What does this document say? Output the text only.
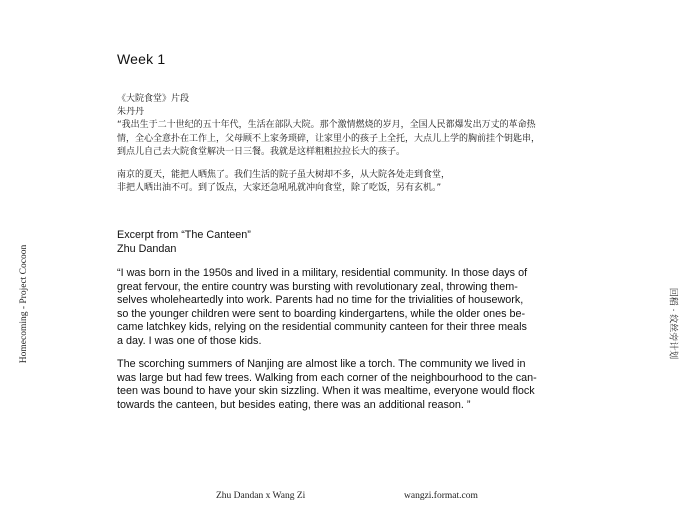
Week 1
《大院食堂》片段
朱丹丹
“我出生于二十世纪的五十年代，生活在部队大院。那个激情燃烧的岁月，全国人民都爆发出万丈的革命热
情，全心全意扑在工作上，父母顾不上家务琐碎，让家里小的孩子上全托，大点儿上学的胸前挂个钥匙串，
到点儿自己去大院食堂解决一日三餐。我就是这样粗粗拉拉长大的孩子。
南京的夏天，能把人晒焦了。我们生活的院子虽大树却不多，从大院各处走到食堂，
非把人晒出油不可。到了饭点，大家还急吼吼就冲向食堂，除了吃饭，另有玄机。”
Excerpt from “The Canteen”
Zhu Dandan
“I was born in the 1950s and lived in a military, residential community. In those days of
great fervour, the entire country was bursting with revolutionary zeal, throwing them-
selves wholeheartedly into work. Parents had no time for the trivialities of housework,
so the younger children were sent to boarding kindergartens, while the older ones be-
came latchkey kids, relying on the residential community canteen for their three meals
a day. I was one of those kids.
The scorching summers of Nanjing are almost like a torch. The community we lived in
was large but had few trees. Walking from each corner of the neighbourhood to the can-
teen was bound to have your skin sizzling. When it was mealtime, everyone would flock
towards the canteen, but besides eating, there was an additional reason. ”
Homecoming - Project Cocoon	回稻 · 纹丝旁计划
Zhu Dandan x Wang Zi	wangzi.format.com
